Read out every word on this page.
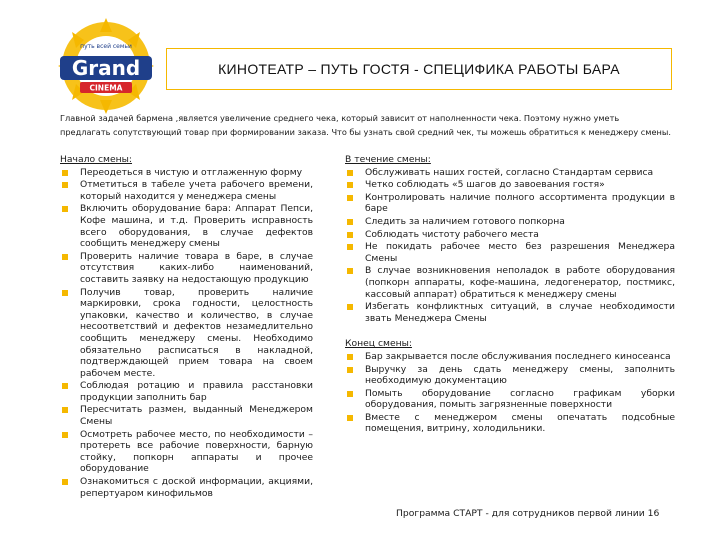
путь всей семьи
Grand
CINEMA
КИНОТЕАТР – ПУТЬ ГОСТЯ - СПЕЦИФИКА РАБОТЫ БАРА
Главной задачей бармена ,является увеличение среднего чека, который зависит от наполненности чека. Поэтому нужно уметь предлагать сопутствующий товар при формировании заказа. Что бы узнать свой средний чек, ты можешь обратиться к менеджеру смены.
Начало смены:
Переодеться в чистую и отглаженную форму
Отметиться в табеле учета рабочего времени, который находится у менеджера смены
Включить оборудование бара: Аппарат Пепси, Кофе машина, и т.д. Проверить исправность всего оборудования, в случае дефектов сообщить менеджеру смены
Проверить наличие товара в баре, в случае отсутствия каких-либо наименований, составить заявку на недостающую продукцию
Получив товар, проверить наличие маркировки, срока годности, целостность упаковки, качество и количество, в случае несоответствий и дефектов незамедлительно сообщить менеджеру смены. Необходимо обязательно расписаться в накладной, подтверждающей прием товара на своем рабочем месте.
Соблюдая ротацию и правила расстановки продукции заполнить бар
Пересчитать размен, выданный Менеджером Смены
Осмотреть рабочее место, по необходимости – протереть все рабочие поверхности, барную стойку, попкорн аппараты и прочее оборудование
Ознакомиться с доской информации, акциями, репертуаром кинофильмов
В течение смены:
Обслуживать наших гостей, согласно Стандартам сервиса
Четко соблюдать «5 шагов до завоевания гостя»
Контролировать наличие полного ассортимента продукции в баре
Следить за наличием готового попкорна
Соблюдать чистоту рабочего места
Не покидать рабочее место без разрешения Менеджера Смены
В случае возникновения неполадок в работе оборудования (попкорн аппараты, кофе-машина, ледогенератор, постмикс, кассовый аппарат) обратиться к менеджеру смены
Избегать конфликтных ситуаций, в случае необходимости звать Менеджера Смены
Конец смены:
Бар закрывается после обслуживания последнего киносеанса
Выручку за день сдать менеджеру смены, заполнить необходимую документацию
Помыть оборудование согласно графикам уборки оборудования, помыть загрязненные поверхности
Вместе с менеджером смены опечатать подсобные помещения, витрину, холодильники.
Программа СТАРТ - для сотрудников первой линии 16
